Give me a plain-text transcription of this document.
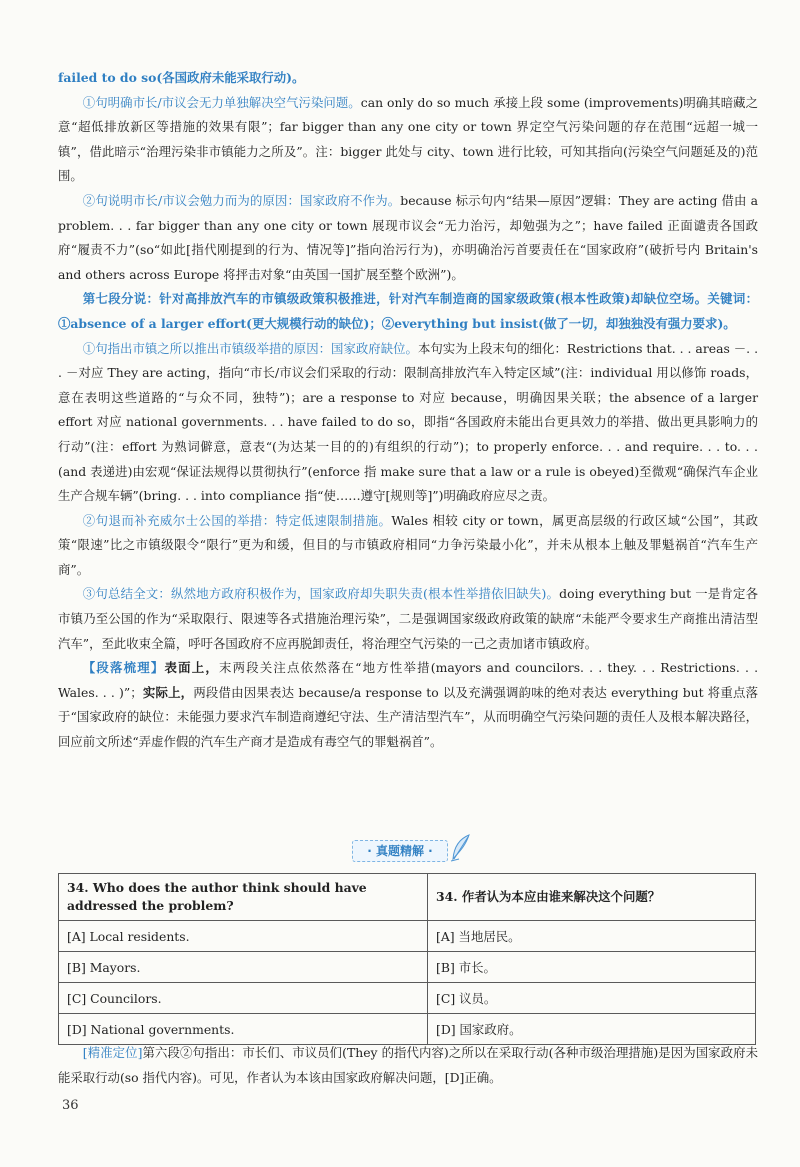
failed to do so(各国政府未能采取行动)。

①句明确市长/市议会无力单独解决空气污染问题。can only do so much 承接上段 some (improvements)明确其暗藏之意“超低排放新区等措施的效果有限”；far bigger than any one city or town 界定空气污染问题的存在范围“远超一城一镇”，借此暗示“治理污染非市镇能力之所及”。注：bigger 此处与 city、town 进行比较，可知其指向(污染空气问题延及的)范围。

②句说明市长/市议会勉力而为的原因：国家政府不作为。because 标示句内“结果—原因”逻辑：They are acting 借由 a problem. . . far bigger than any one city or town 展现市议会“无力治污，却勉强为之”；have failed 正面谴责各国政府“履责不力”(so“如此[指代刚提到的行为、情况等]”指向治污行为)，亦明确治污首要责任在“国家政府”(破折号内 Britain's and others across Europe 将抨击对象“由英国一国扩展至整个欧洲”)。

第七段分说：针对高排放汽车的市镇级政策积极推进，针对汽车制造商的国家级政策(根本性政策)却缺位空场。关键词：①absence of a larger effort(更大规模行动的缺位)；②everything but insist(做了一切，却独独没有强力要求)。

①句指出市镇之所以推出市镇级举措的原因：国家政府缺位。本句实为上段末句的细化：Restrictions that. . . areas －. . . －对应 They are acting，指向“市长/市议会们采取的行动：限制高排放汽车入特定区域”(注：individual 用以修饰 roads，意在表明这些道路的“与众不同，独特”)；are a response to 对应 because，明确因果关联；the absence of a larger effort 对应 national governments. . . have failed to do so，即指“各国政府未能出台更具效力的举措、做出更具影响力的行动”(注：effort 为熟词僻意，意表“(为达某一目的的)有组织的行动”)；to properly enforce. . . and require. . . to. . . (and 表递进)由宏观“保证法规得以贯彻执行”(enforce 指 make sure that a law or a rule is obeyed)至微观“确保汽车企业生产合规车辆”(bring. . . into compliance 指“使……遵守[规则等]”)明确政府应尽之责。

②句退而补充威尔士公国的举措：特定低速限制措施。Wales 相较 city or town，属更高层级的行政区域“公国”，其政策“限速”比之市镇级限令“限行”更为和缓，但目的与市镇政府相同“力争污染最小化”，并未从根本上触及罪魁祸首“汽车生产商”。

③句总结全文：纵然地方政府积极作为，国家政府却失职失责(根本性举措依旧缺失)。doing everything but 一是肯定各市镇乃至公国的作为“采取限行、限速等各式措施治理污染”，二是强调国家级政府政策的缺席“未能严令要求生产商推出清洁型汽车”，至此收束全篇，呼吁各国政府不应再脱卸责任，将治理空气污染的一己之责加诸市镇政府。

【段落梳理】表面上，末两段关注点依然落在“地方性举措(mayors and councilors. . . they. . . Restrictions. . . Wales. . . )”；实际上，两段借由因果表达 because/a response to 以及充满强调韵味的绝对表达 everything but 将重点落于“国家政府的缺位：未能强力要求汽车制造商遵纪守法、生产清洁型汽车”，从而明确空气污染问题的责任人及根本解决路径，回应前文所述“弄虚作假的汽车生产商才是造成有毒空气的罪魁祸首”。

· 真题精解 ·
34. Who does the author think should have addressed the problem?	34. 作者认为本应由谁来解决这个问题？
[A] Local residents.	[A] 当地居民。
[B] Mayors.	[B] 市长。
[C] Councilors.	[C] 议员。
[D] National governments.	[D] 国家政府。

[精准定位]第六段②句指出：市长们、市议员们(They 的指代内容)之所以在采取行动(各种市级治理措施)是因为国家政府未能采取行动(so 指代内容)。可见，作者认为本该由国家政府解决问题，[D]正确。

36
